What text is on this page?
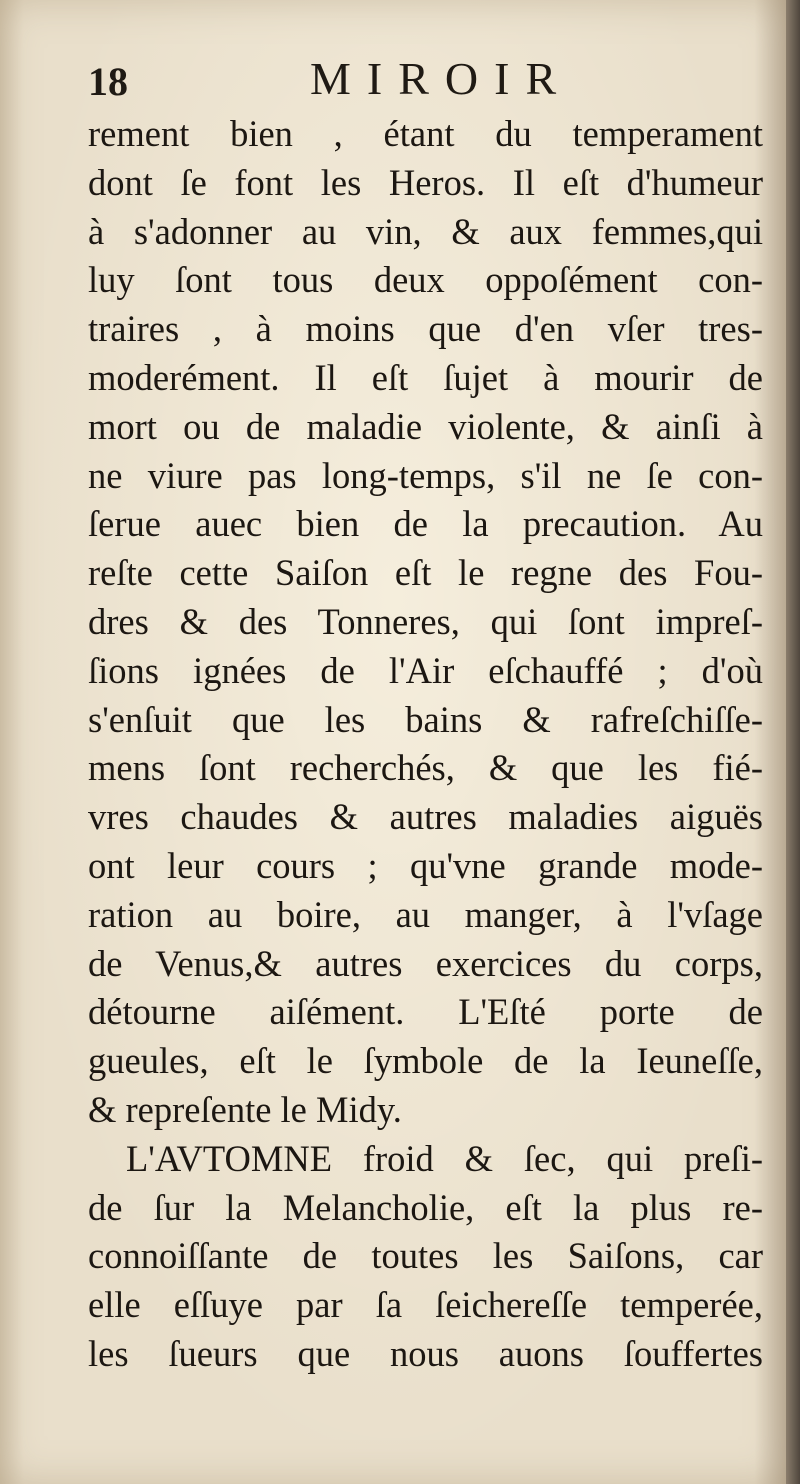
18	MIROIR
rement bien , étant du temperament
dont ſe font les Heros. Il eſt d'humeur
à s'adonner au vin, & aux femmes,qui
luy ſont tous deux oppoſément con-
traires , à moins que d'en vſer tres-
moderément. Il eſt ſujet à mourir de
mort ou de maladie violente, & ainſi à
ne viure pas long-temps, s'il ne ſe con-
ſerue auec bien de la precaution. Au
reſte cette Saiſon eſt le regne des Fou-
dres & des Tonneres, qui ſont impreſ-
ſions ignées de l'Air eſchauffé ; d'où
s'enſuit que les bains & rafreſchiſſe-
mens ſont recherchés, & que les fié-
vres chaudes & autres maladies aiguës
ont leur cours ; qu'vne grande mode-
ration au boire, au manger, à l'vſage
de Venus,& autres exercices du corps,
détourne aiſément. L'Eſté porte de
gueules, eſt le ſymbole de la Ieuneſſe,
& repreſente le Midy.
L'AVTOMNE froid & ſec, qui preſi-
de ſur la Melancholie, eſt la plus re-
connoiſſante de toutes les Saiſons, car
elle eſſuye par ſa ſeichereſſe temperée,
les ſueurs que nous auons ſouffertes
